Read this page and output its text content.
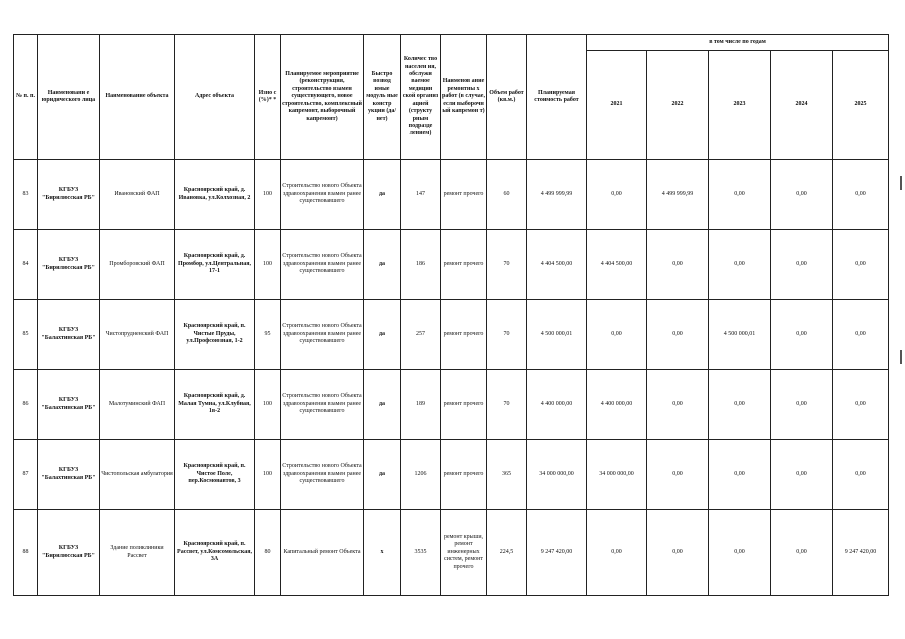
№ п. п.	Наименовани е юридического лица	Наименование объекта	Адрес объекта	Изно с (%)* *	Планируемое мероприятие (реконструкция, строительство взамен существующего, новое строительство, комплексный капремонт, выборочный капремонт)	Быстро возвод имые модуль ные констр укции (да/нет)	Количес тво населен ия, обслужи ваемое медицин ской организ ацией (структу рным подразде лением)	Наименов ание ремонтны х работ (в случае, если выборочн ый капремон т)	Объем работ (кв.м.)	Планируемая стоимость работ	в том числе по годам				
											2021	2022	2023	2024	2025
83	КГБУЗ "Бирилюсская РБ"	Ивановский ФАП	Красноярский край, д. Ивановка, ул.Колхозная, 2	100	Строительство нового Объекта здравоохранения взамен ранее существовавшего	да	147	ремонт прочего	60	4 499 999,99	0,00	4 499 999,99	0,00	0,00	0,00
84	КГБУЗ "Бирилюсская РБ"	Промборовский ФАП	Красноярский край, д. Промбор, ул.Центральная, 17-1	100	Строительство нового Объекта здравоохранения взамен ранее существовавшего	да	186	ремонт прочего	70	4 404 500,00	4 404 500,00	0,00	0,00	0,00	0,00
85	КГБУЗ "Балахтинская РБ"	Чистопрудненский ФАП	Красноярский край, п. Чистые Пруды, ул.Профсоюзная, 1-2	95	Строительство нового Объекта здравоохранения взамен ранее существовавшего	да	257	ремонт прочего	70	4 500 000,01	0,00	0,00	4 500 000,01	0,00	0,00
86	КГБУЗ "Балахтинская РБ"	Малотуминский ФАП	Красноярский край, д. Малая Тумна, ул.Клубная, 1в-2	100	Строительство нового Объекта здравоохранения взамен ранее существовавшего	да	189	ремонт прочего	70	4 400 000,00	4 400 000,00	0,00	0,00	0,00	0,00
87	КГБУЗ "Балахтинская РБ"	Чистопольская амбулатория	Красноярский край, п. Чистое Поле, пер.Космонавтов, 3	100	Строительство нового Объекта здравоохранения взамен ранее существовавшего	да	1206	ремонт прочего	365	34 000 000,00	34 000 000,00	0,00	0,00	0,00	0,00
88	КГБУЗ "Бирилюсская РБ"	Здание поликлиники Рассвет	Красноярский край, п. Рассвет, ул.Комсомольская, 3А	80	Капитальный ремонт Объекта	х	3535	ремонт крыши, ремонт инженерных систем, ремонт прочего	224,5	9 247 420,00	0,00	0,00	0,00	0,00	9 247 420,00
